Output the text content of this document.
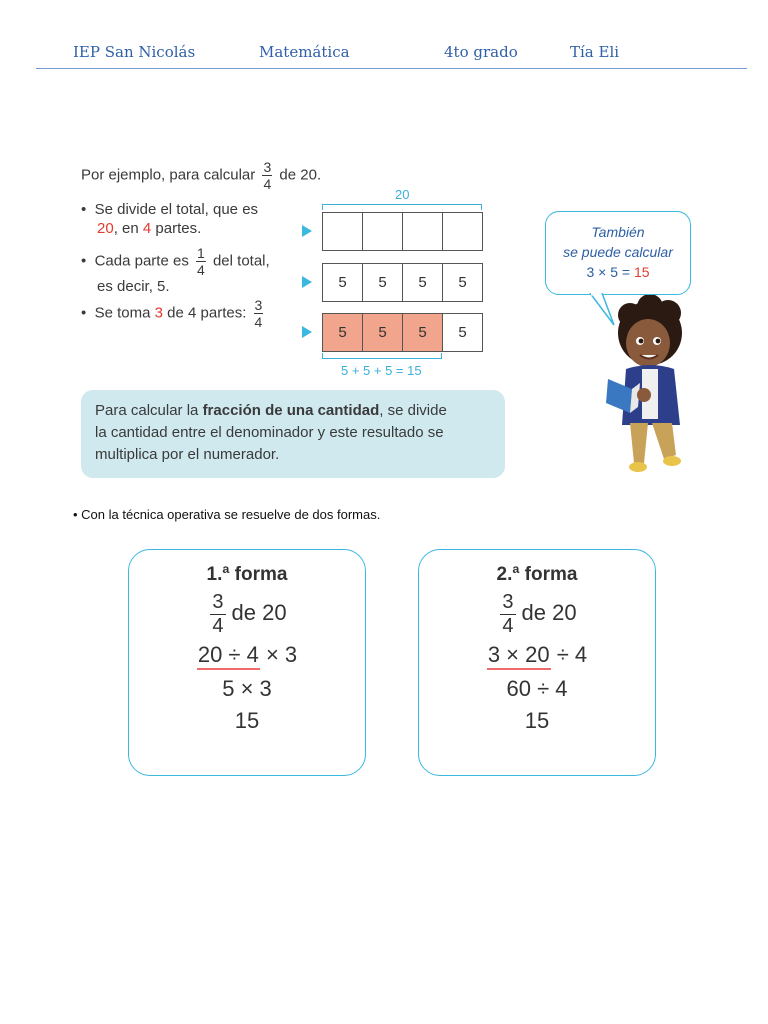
IEP San Nicolás	Matemática	4to grado	Tía Eli
Por ejemplo, para calcular $\frac{3}{4}$ de 20.
•  Se divide el total, que es
20, en 4 partes.
•  Cada parte es $\frac{1}{4}$ del total,
es decir, 5.
•  Se toma 3 de 4 partes: $\frac{3}{4}$
20
5	5	5	5
5	5	5	5
5 + 5 + 5 = 15
Para calcular la fracción de una cantidad, se divide
la cantidad entre el denominador y este resultado se
multiplica por el numerador.
También
se puede calcular
3 × 5 = 15
• Con la técnica operativa se resuelve de dos formas.
1.ª forma
$\frac{3}{4}$ de 20
20 ÷ 4 × 3
5 × 3
15
2.ª forma
$\frac{3}{4}$ de 20
3 × 20 ÷ 4
60 ÷ 4
15
